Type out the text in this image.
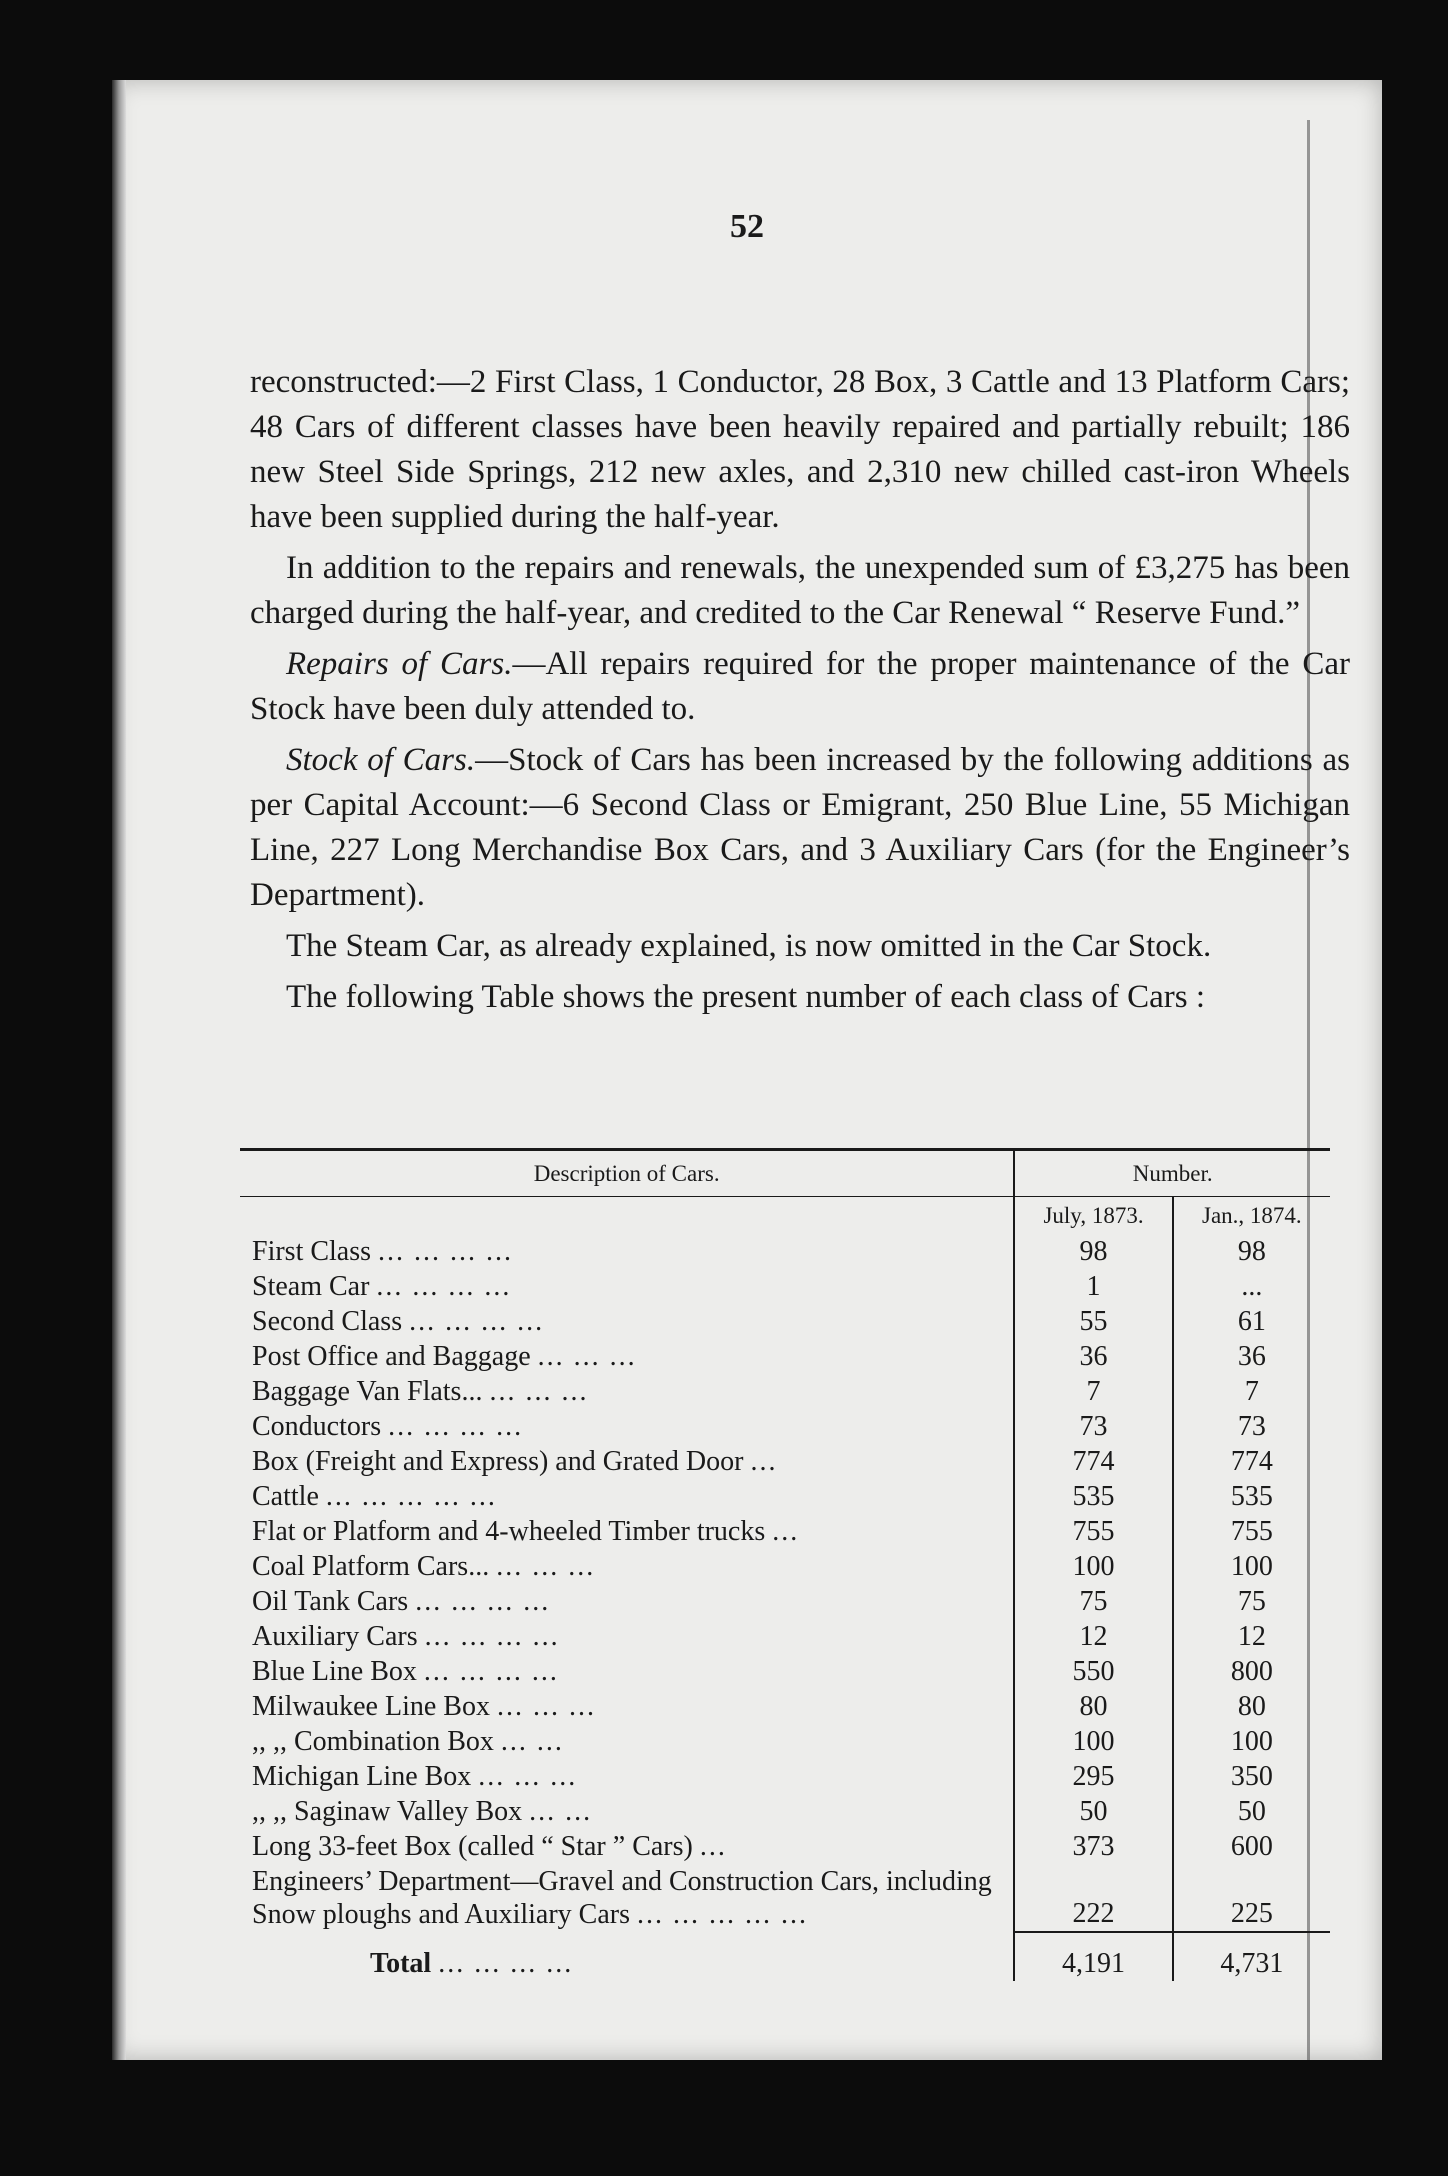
52

reconstructed:—2 First Class, 1 Conductor, 28 Box, 3 Cattle and 13 Platform Cars; 48 Cars of different classes have been heavily repaired and partially rebuilt; 186 new Steel Side Springs, 212 new axles, and 2,310 new chilled cast-iron Wheels have been supplied during the half-year.

In addition to the repairs and renewals, the unexpended sum of £3,275 has been charged during the half-year, and credited to the Car Renewal “ Reserve Fund.”

Repairs of Cars.—All repairs required for the proper maintenance of the Car Stock have been duly attended to.

Stock of Cars.—Stock of Cars has been increased by the following additions as per Capital Account:—6 Second Class or Emigrant, 250 Blue Line, 55 Michigan Line, 227 Long Merchandise Box Cars, and 3 Auxiliary Cars (for the Engineer’s Department).

The Steam Car, as already explained, is now omitted in the Car Stock.

The following Table shows the present number of each class of Cars :

Description of Cars.	Number.	
	July, 1873.	Jan., 1874.
First Class ... ... ... ...	98	98
Steam Car ... ... ... ...	1	...
Second Class ... ... ... ...	55	61
Post Office and Baggage ... ... ...	36	36
Baggage Van Flats... ... ... ...	7	7
Conductors ... ... ... ...	73	73
Box (Freight and Express) and Grated Door ...	774	774
Cattle ... ... ... ... ...	535	535
Flat or Platform and 4-wheeled Timber trucks ...	755	755
Coal Platform Cars... ... ... ...	100	100
Oil Tank Cars ... ... ... ...	75	75
Auxiliary Cars ... ... ... ...	12	12
Blue Line Box ... ... ... ...	550	800
Milwaukee Line Box ... ... ...	80	80
,, ,, Combination Box ... ...	100	100
Michigan Line Box ... ... ...	295	350
,, ,, Saginaw Valley Box ... ...	50	50
Long 33-feet Box (called “ Star ” Cars) ...	373	600
Engineers’ Department—Gravel and Construction Cars, including Snow ploughs and Auxiliary Cars ... ... ... ... ...	222	225
Total ... ... ... ...	4,191	4,731
